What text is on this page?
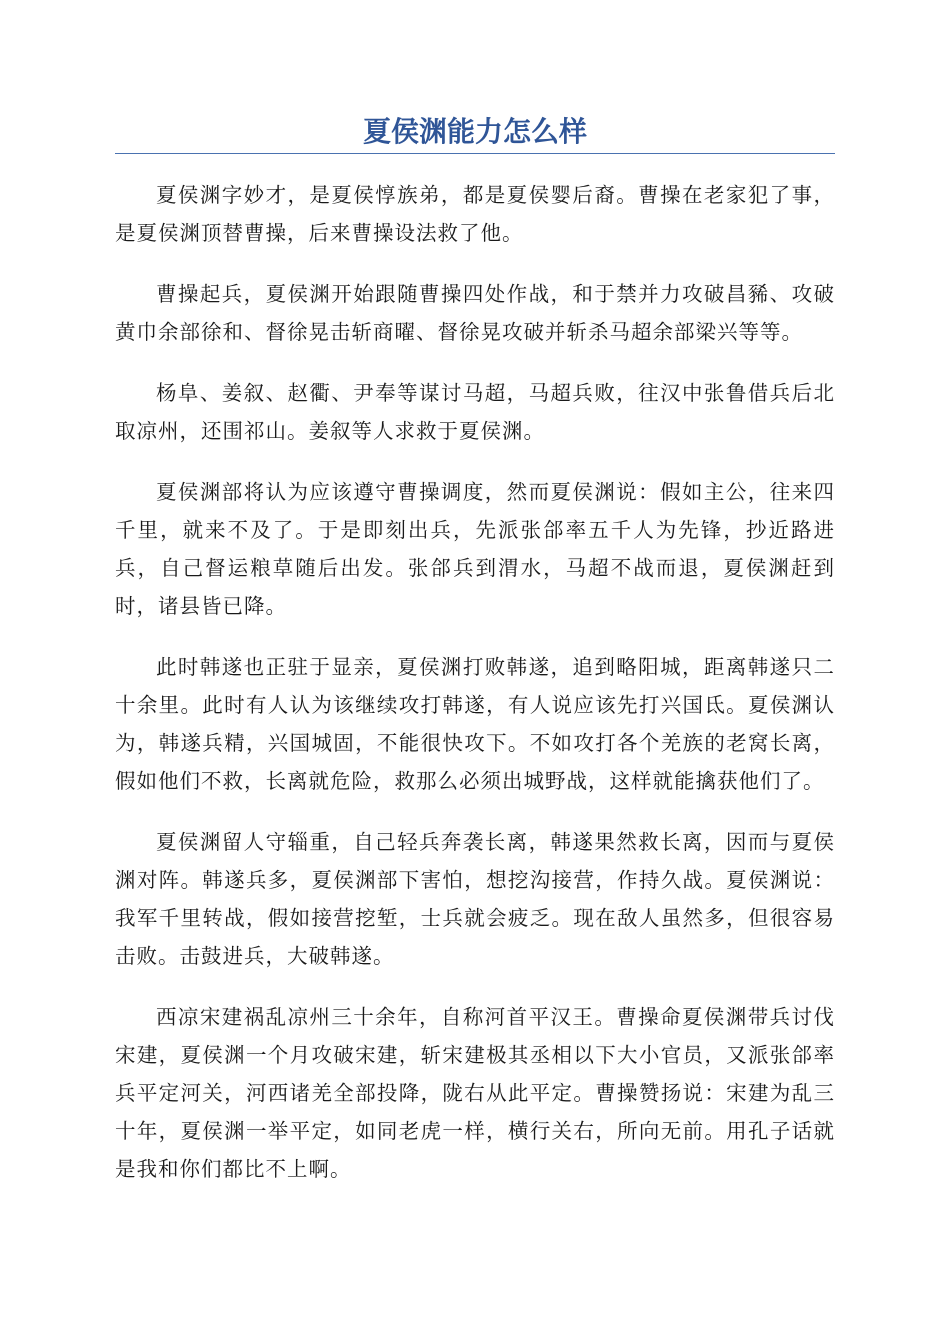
夏侯渊能力怎么样

夏侯渊字妙才，是夏侯惇族弟，都是夏侯婴后裔。曹操在老家犯了事，是夏侯渊顶替曹操，后来曹操设法救了他。

曹操起兵，夏侯渊开始跟随曹操四处作战，和于禁并力攻破昌豨、攻破黄巾余部徐和、督徐晃击斩商曜、督徐晃攻破并斩杀马超余部梁兴等等。

杨阜、姜叙、赵衢、尹奉等谋讨马超，马超兵败，往汉中张鲁借兵后北取凉州，还围祁山。姜叙等人求救于夏侯渊。

夏侯渊部将认为应该遵守曹操调度，然而夏侯渊说：假如主公，往来四千里，就来不及了。于是即刻出兵，先派张郃率五千人为先锋，抄近路进兵，自己督运粮草随后出发。张郃兵到渭水，马超不战而退，夏侯渊赶到时，诸县皆已降。

此时韩遂也正驻于显亲，夏侯渊打败韩遂，追到略阳城，距离韩遂只二十余里。此时有人认为该继续攻打韩遂，有人说应该先打兴国氐。夏侯渊认为，韩遂兵精，兴国城固，不能很快攻下。不如攻打各个羌族的老窝长离，假如他们不救，长离就危险，救那么必须出城野战，这样就能擒获他们了。

夏侯渊留人守辎重，自己轻兵奔袭长离，韩遂果然救长离，因而与夏侯渊对阵。韩遂兵多，夏侯渊部下害怕，想挖沟接营，作持久战。夏侯渊说：我军千里转战，假如接营挖堑，士兵就会疲乏。现在敌人虽然多，但很容易击败。击鼓进兵，大破韩遂。

西凉宋建祸乱凉州三十余年，自称河首平汉王。曹操命夏侯渊带兵讨伐宋建，夏侯渊一个月攻破宋建，斩宋建极其丞相以下大小官员，又派张郃率兵平定河关，河西诸羌全部投降，陇右从此平定。曹操赞扬说：宋建为乱三十年，夏侯渊一举平定，如同老虎一样，横行关右，所向无前。用孔子话就是我和你们都比不上啊。
